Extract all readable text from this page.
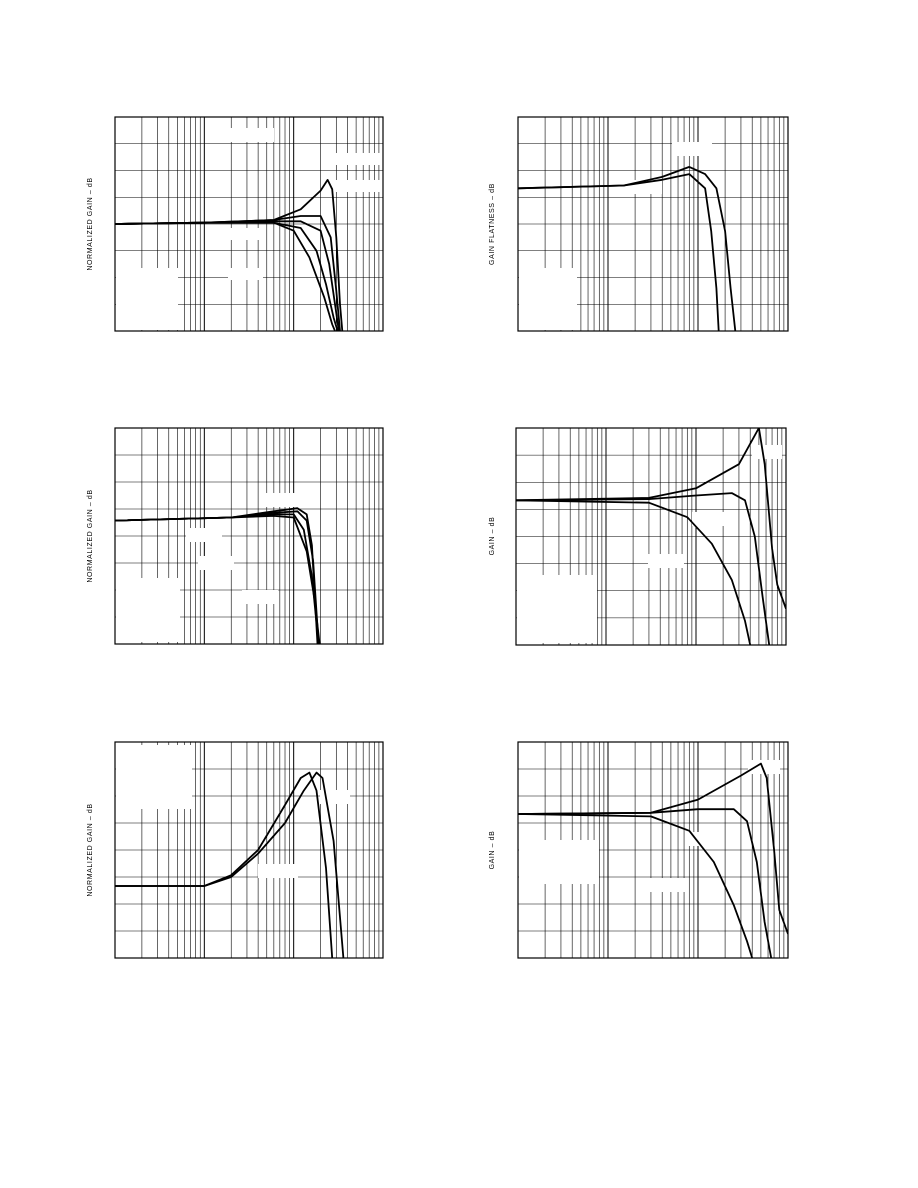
NORMALIZED GAIN – dB	GAIN FLATNESS – dB
NORMALIZED GAIN – dB	GAIN – dB
NORMALIZED GAIN – dB	GAIN – dB
